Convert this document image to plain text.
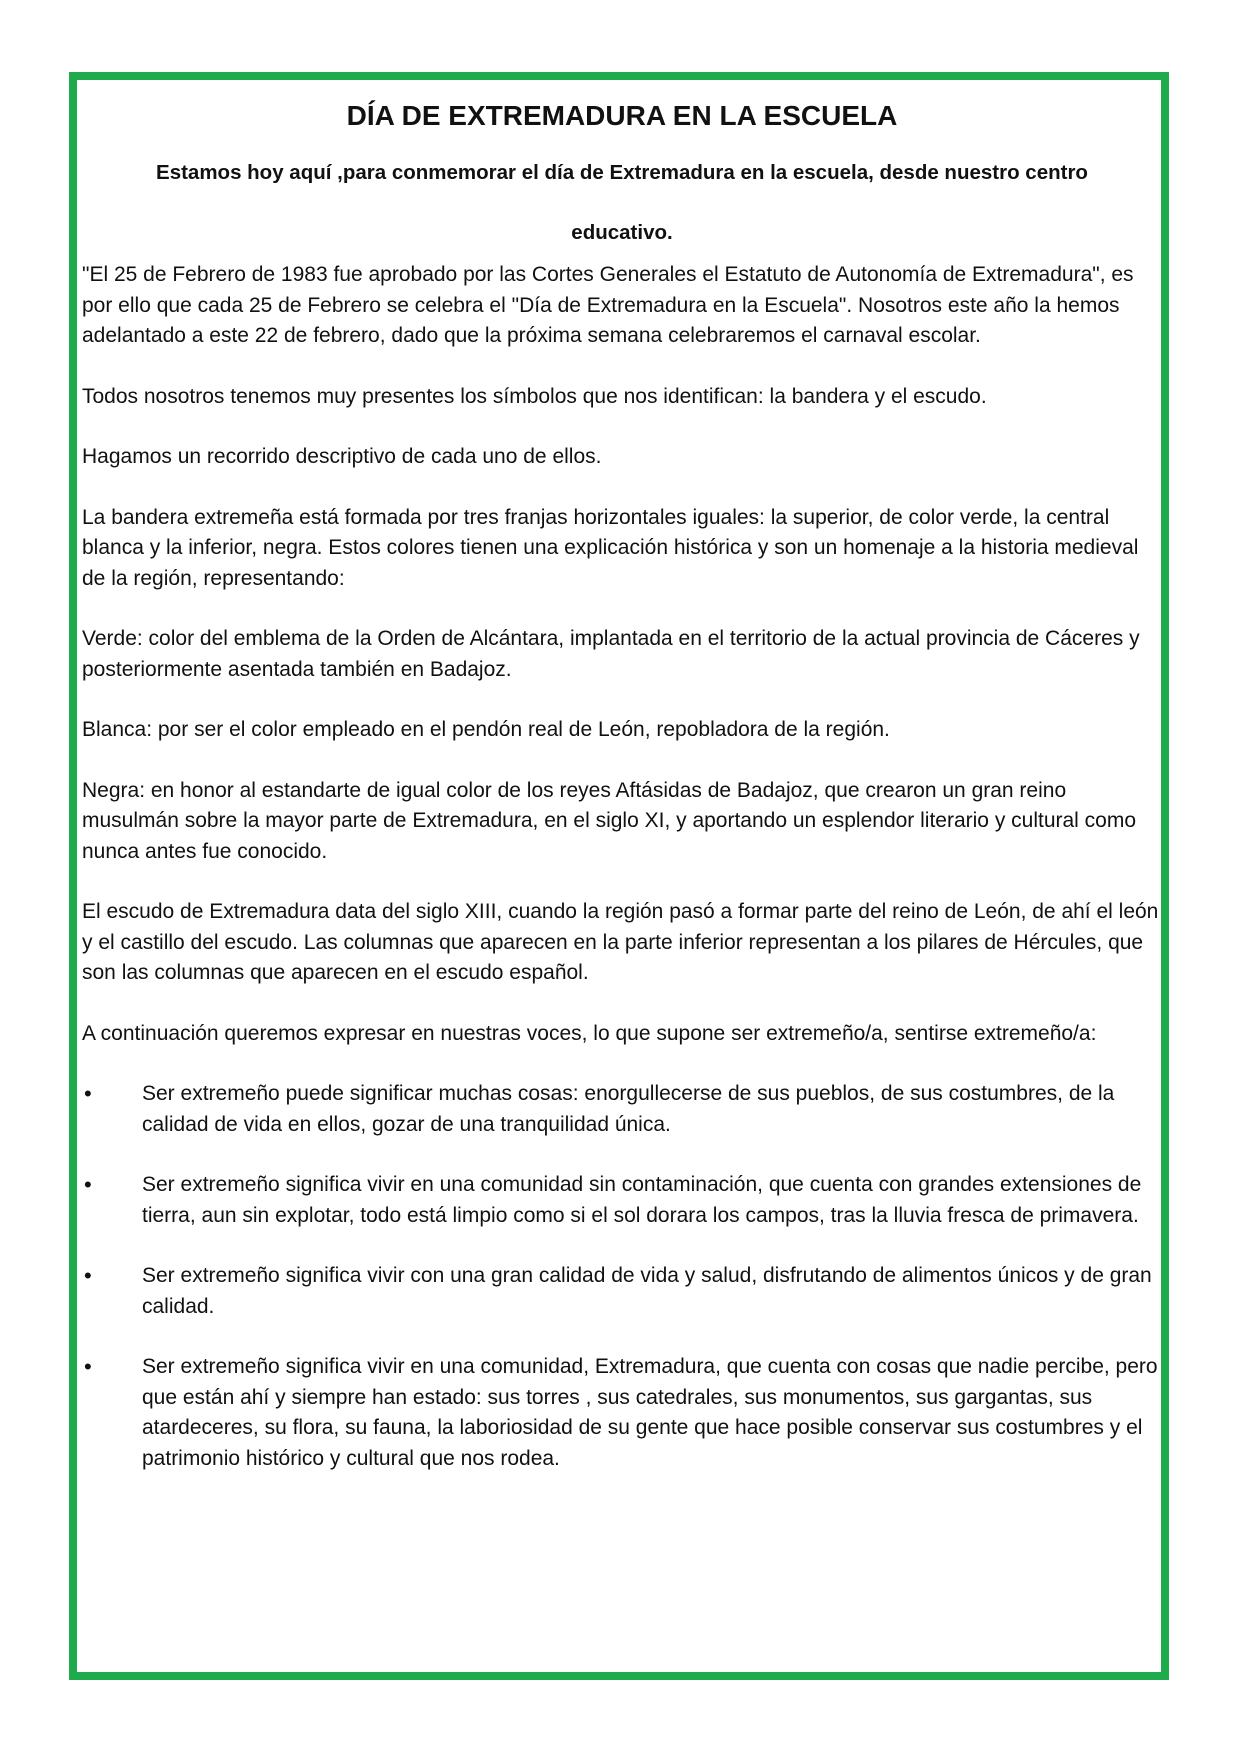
DÍA DE EXTREMADURA EN LA ESCUELA

Estamos hoy aquí ,para conmemorar el día de Extremadura en la escuela, desde nuestro centro

educativo.

"El 25 de Febrero de 1983 fue aprobado por las Cortes Generales el Estatuto de Autonomía de Extremadura", es por ello que cada 25 de Febrero se celebra el "Día de Extremadura en la Escuela". Nosotros este año la hemos adelantado a este 22 de febrero, dado que la próxima semana celebraremos el carnaval escolar.

Todos nosotros tenemos muy presentes los símbolos que nos identifican: la bandera y el escudo.

Hagamos un recorrido descriptivo de cada uno de ellos.

La bandera extremeña está formada por tres franjas horizontales iguales: la superior, de color verde, la central blanca y la inferior, negra. Estos colores tienen una explicación histórica y son un homenaje a la historia medieval de la región, representando:

Verde: color del emblema de la Orden de Alcántara, implantada en el territorio de la actual provincia de Cáceres y posteriormente asentada también en Badajoz.

Blanca: por ser el color empleado en el pendón real de León, repobladora de la región.

Negra: en honor al estandarte de igual color de los reyes Aftásidas de Badajoz, que crearon un gran reino musulmán sobre la mayor parte de Extremadura, en el siglo XI, y aportando un esplendor literario y cultural como nunca antes fue conocido.

El escudo de Extremadura data del siglo XIII, cuando la región pasó a formar parte del reino de León, de ahí el león y el castillo del escudo. Las columnas que aparecen en la parte inferior representan a los pilares de Hércules, que son las columnas que aparecen en el escudo español.

A continuación queremos expresar en nuestras voces, lo que supone ser extremeño/a, sentirse extremeño/a:

• Ser extremeño puede significar muchas cosas: enorgullecerse de sus pueblos, de sus costumbres, de la calidad de vida en ellos, gozar de una tranquilidad única.
• Ser extremeño significa vivir en una comunidad sin contaminación, que cuenta con grandes extensiones de tierra, aun sin explotar, todo está limpio como si el sol dorara los campos, tras la lluvia fresca de primavera.
• Ser extremeño significa vivir con una gran calidad de vida y salud, disfrutando de alimentos únicos y de gran calidad.
• Ser extremeño significa vivir en una comunidad, Extremadura, que cuenta con cosas que nadie percibe, pero que están ahí y siempre han estado: sus torres , sus catedrales, sus monumentos, sus gargantas, sus atardeceres, su flora, su fauna, la laboriosidad de su gente que hace posible conservar sus costumbres y el patrimonio histórico y cultural que nos rodea.
